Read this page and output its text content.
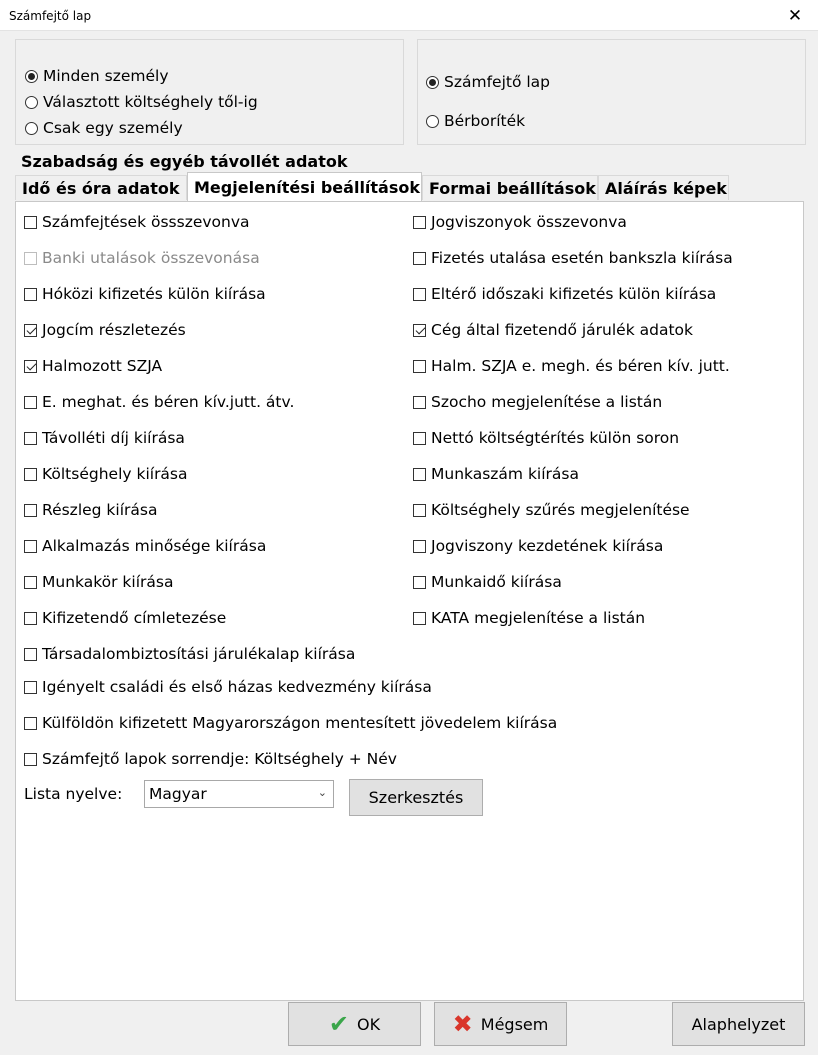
Számfejtő lap	✕
Minden személy
Választott költséghely től-ig
Csak egy személy
Számfejtő lap
Bérboríték
Szabadság és egyéb távollét adatok
Idő és óra adatok Megjelenítési beállítások Formai beállítások Aláírás képek
Számfejtések össszevonva
Banki utalások összevonása
Hóközi kifizetés külön kiírása
Jogcím részletezés
Halmozott SZJA
E. meghat. és béren kív.jutt. átv.
Távolléti díj kiírása
Költséghely kiírása
Részleg kiírása
Alkalmazás minősége kiírása
Munkakör kiírása
Kifizetendő címletezése
Jogviszonyok összevonva
Fizetés utalása esetén bankszla kiírása
Eltérő időszaki kifizetés külön kiírása
Cég által fizetendő járulék adatok
Halm. SZJA e. megh. és béren kív. jutt.
Szocho megjelenítése a listán
Nettó költségtérítés külön soron
Munkaszám kiírása
Költséghely szűrés megjelenítése
Jogviszony kezdetének kiírása
Munkaidő kiírása
KATA megjelenítése a listán
Társadalombiztosítási járulékalap kiírása
Igényelt családi és első házas kedvezmény kiírása
Külföldön kifizetett Magyarországon mentesített jövedelem kiírása
Számfejtő lapok sorrendje: Költséghely + Név
Lista nyelve: Magyar	⌄	Szerkesztés
✔ OK	✖ Mégsem	Alaphelyzet
